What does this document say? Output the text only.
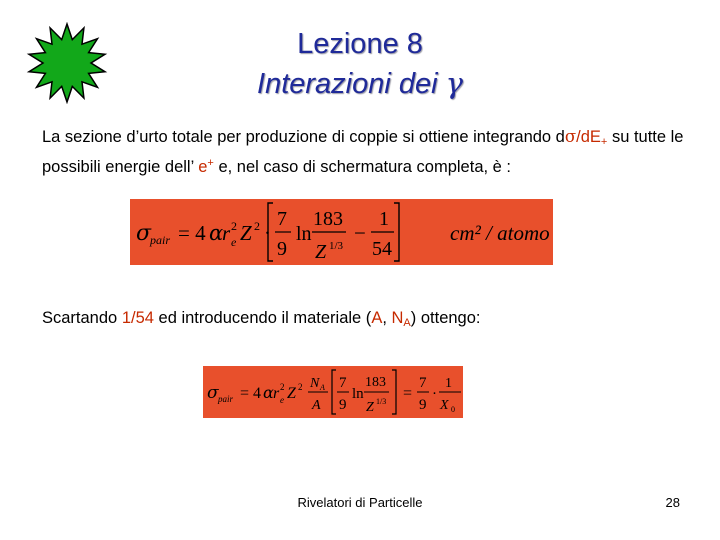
Lezione 8
Interazioni dei γ
La sezione d’urto totale per produzione di coppie si ottiene integrando $d\sigma/dE_+$ su tutte le possibili energie dell’ e+ e, nel caso di schermatura completa, è :
σ
pair = 4 α
r e
2 Z 2 ·
7
9
ln
183
Z 1/3
−
1
54
cm² / atomo
Scartando 1/54 ed introducendo il materiale (A, $N_A$) ottengo:
σ pair = 4 α r e
2 Z 2 N A
A
7
9
ln
183
Z 1/3 =
7
9
·
1
X 0
Rivelatori di Particelle	28
